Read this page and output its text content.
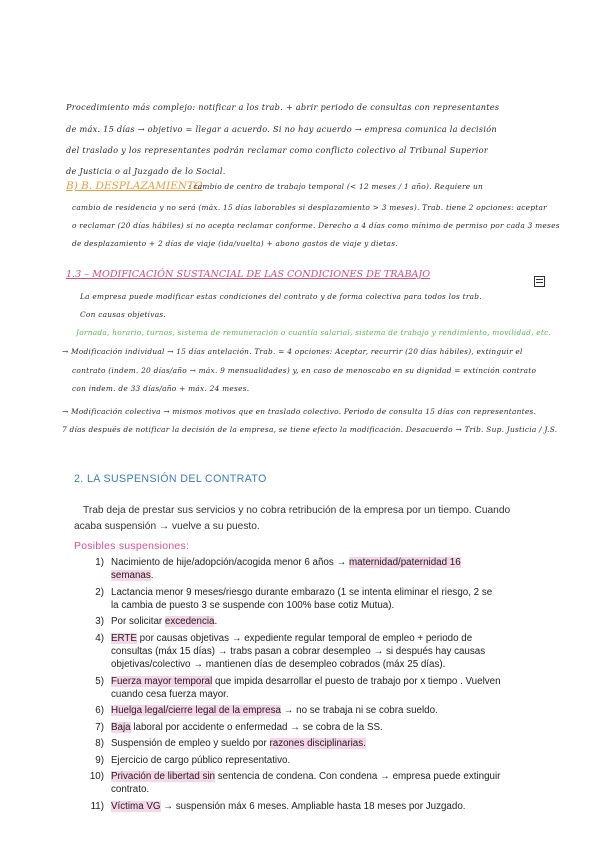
Procedimiento más complejo: notificar a los trab. + abrir periodo de consultas con representantes
de máx. 15 días → objetivo = llegar a acuerdo. Si no hay acuerdo → empresa comunica la decisión
del traslado y los representantes podrán reclamar como conflicto colectivo al Tribunal Superior
de Justicia o al Juzgado de lo Social.
B) B. DESPLAZAMIENTO
: cambio de centro de trabajo temporal (< 12 meses / 1 año). Requiere un
cambio de residencia y no será (máx. 15 días laborables si desplazamiento > 3 meses). Trab. tiene 2 opciones: aceptar
o reclamar (20 días hábiles) si no acepta reclamar conforme. Derecho a 4 días como mínimo de permiso por cada 3 meses
de desplazamiento + 2 días de viaje (ida/vuelta) + abono gastos de viaje y dietas.
1.3 – MODIFICACIÓN SUSTANCIAL DE LAS CONDICIONES DE TRABAJO
La empresa puede modificar estas condiciones del contrato y de forma colectiva para todos los trab.
Con causas objetivas.
Jornada, horario, turnos, sistema de remuneración o cuantía salarial, sistema de trabajo y rendimiento, movilidad, etc.
→ Modificación individual → 15 días antelación. Trab. = 4 opciones: Aceptar, recurrir (20 días hábiles), extinguir el
contrato (indem. 20 días/año → máx. 9 mensualidades) y, en caso de menoscabo en su dignidad = extinción contrato
con indem. de 33 días/año + máx. 24 meses.
→ Modificación colectiva → mismos motivos que en traslado colectivo. Periodo de consulta 15 días con representantes.
7 días después de notificar la decisión de la empresa, se tiene efecto la modificación. Desacuerdo → Trib. Sup. Justicia / J.S.
2. LA SUSPENSIÓN DEL CONTRATO
Trab deja de prestar sus servicios y no cobra retribución de la empresa por un tiempo. Cuando acaba suspensión → vuelve a su puesto.
Posibles suspensiones:
1) Nacimiento de hije/adopción/acogida menor 6 años → maternidad/paternidad 16 semanas.
2) Lactancia menor 9 meses/riesgo durante embarazo (1 se intenta eliminar el riesgo, 2 se la cambia de puesto 3 se suspende con 100% base cotiz Mutua).
3) Por solicitar excedencia.
4) ERTE por causas objetivas → expediente regular temporal de empleo + periodo de consultas (máx 15 días) → trabs pasan a cobrar desempleo → si después hay causas objetivas/colectivo → mantienen días de desempleo cobrados (máx 25 días).
5) Fuerza mayor temporal que impida desarrollar el puesto de trabajo por x tiempo . Vuelven cuando cesa fuerza mayor.
6) Huelga legal/cierre legal de la empresa → no se trabaja ni se cobra sueldo.
7) Baja laboral por accidente o enfermedad → se cobra de la SS.
8) Suspensión de empleo y sueldo por razones disciplinarias.
9) Ejercicio de cargo público representativo.
10) Privación de libertad sin sentencia de condena. Con condena → empresa puede extinguir contrato.
11) Víctima VG → suspensión máx 6 meses. Ampliable hasta 18 meses por Juzgado.
